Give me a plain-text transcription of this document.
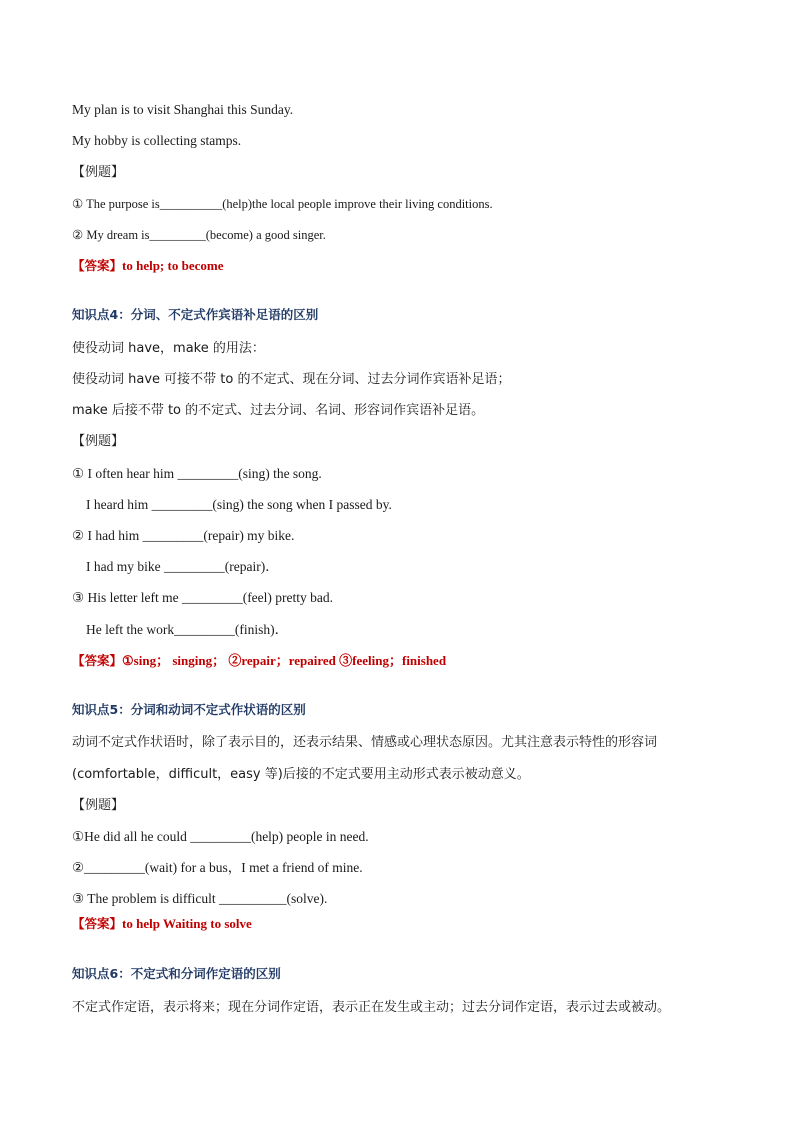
My plan is to visit Shanghai this Sunday.
My hobby is collecting stamps.
【例题】
① The purpose is__________(help)the local people improve their living conditions.
② My dream is_________(become) a good singer.
【答案】to help; to become
知识点4：分词、不定式作宾语补足语的区别
使役动词 have，make 的用法：
使役动词 have 可接不带 to 的不定式、现在分词、过去分词作宾语补足语；
make 后接不带 to 的不定式、过去分词、名词、形容词作宾语补足语。
【例题】
① I often hear him _________(sing) the song.
I heard him _________(sing) the song when I passed by.
② I had him _________(repair) my bike.
I had my bike _________(repair)．
③ His letter left me _________(feel) pretty bad.
He left the work_________(finish)．
【答案】①sing； singing； ②repair；repaired ③feeling；finished
知识点5：分词和动词不定式作状语的区别
动词不定式作状语时，除了表示目的，还表示结果、情感或心理状态原因。尤其注意表示特性的形容词
(comfortable，difficult，easy 等)后接的不定式要用主动形式表示被动意义。
【例题】
①He did all he could _________(help) people in need.
②_________(wait) for a bus，I met a friend of mine.
③ The problem is difficult __________(solve).
【答案】to help Waiting to solve
知识点6：不定式和分词作定语的区别
不定式作定语，表示将来；现在分词作定语，表示正在发生或主动；过去分词作定语，表示过去或被动。
